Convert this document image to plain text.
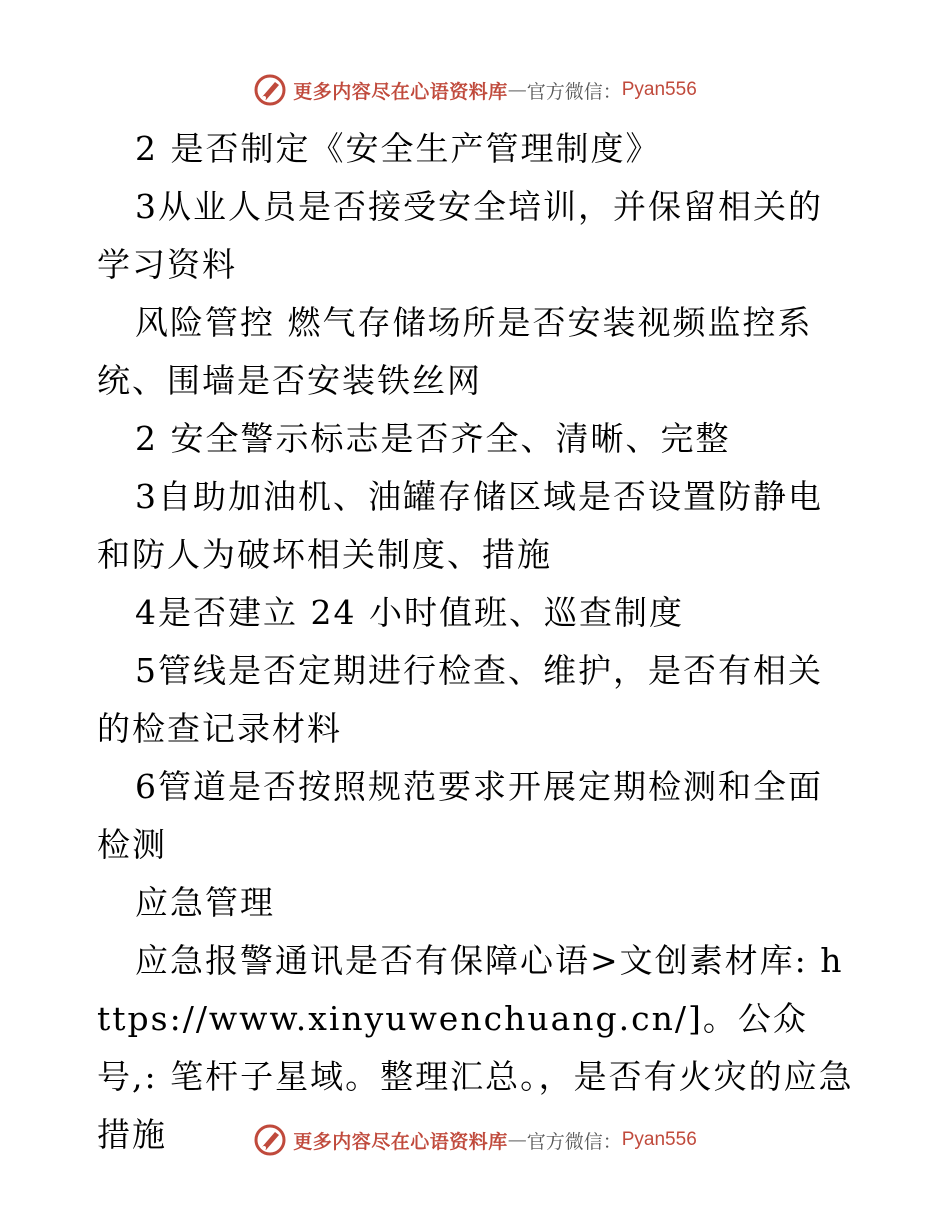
更多内容尽在心语资料库 — 官方微信： Pyan556

2 是否制定《安全生产管理制度》

3从业人员是否接受安全培训，并保留相关的学习资料

风险管控 燃气存储场所是否安装视频监控系统、围墙是否安装铁丝网

2 安全警示标志是否齐全、清晰、完整

3自助加油机、油罐存储区域是否设置防静电和防人为破坏相关制度、措施

4是否建立 24 小时值班、巡查制度

5管线是否定期进行检查、维护，是否有相关的检查记录材料

6管道是否按照规范要求开展定期检测和全面检测

应急管理

应急报警通讯是否有保障心语>文创素材库: https://www.xinyuwenchuang.cn/]。公众号,: 笔杆子星域。整理汇总。，是否有火灾的应急措施	更多内容尽在心语资料库 — 官方微信： Pyan556
